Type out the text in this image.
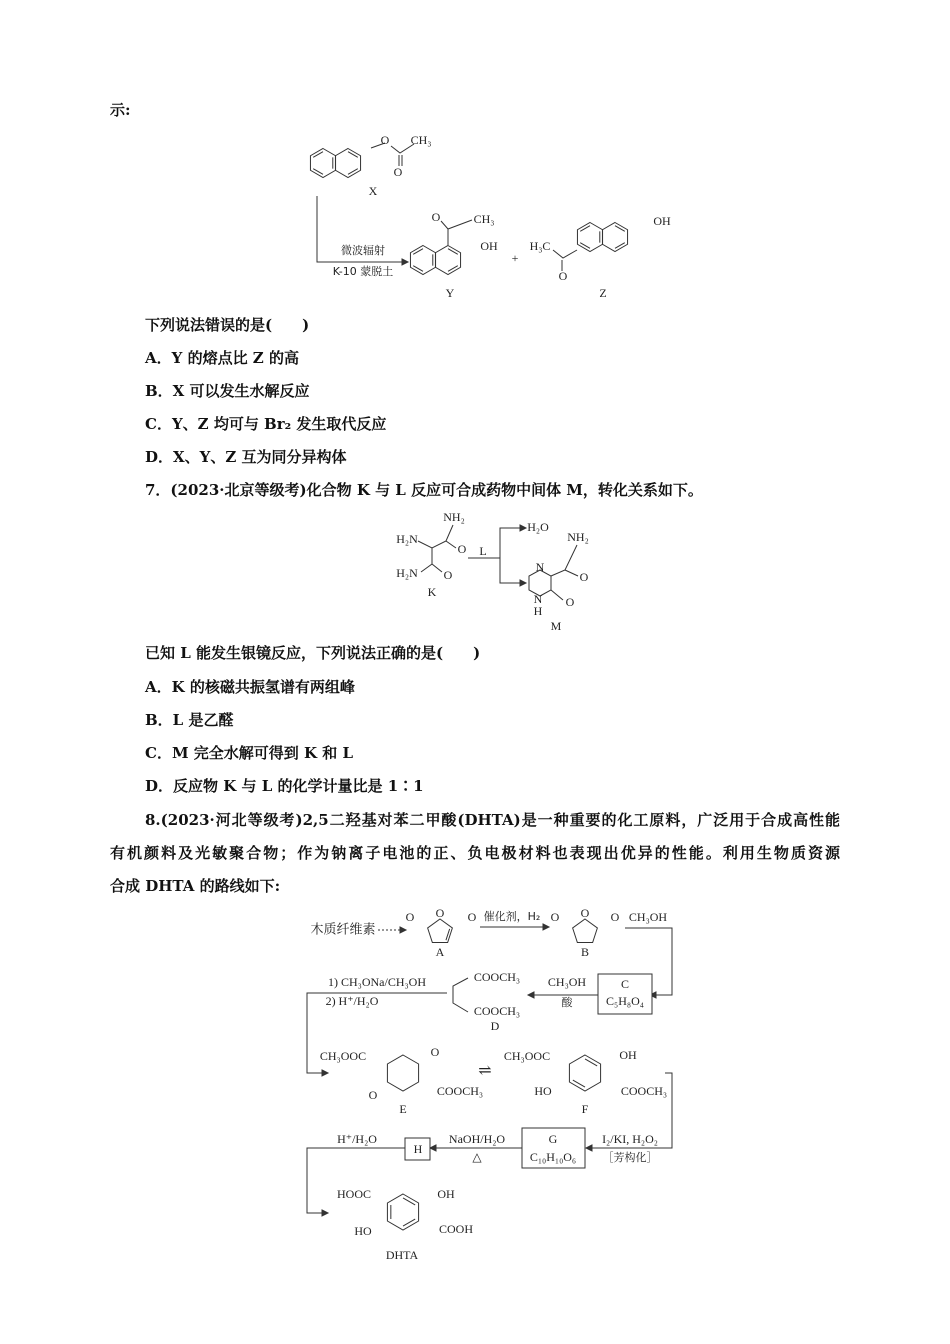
示:
O CH₃
O
X
微波辐射
K-10 蒙脱土
O	CH₃
OH
Y
+
H₃C
O
OH
Z
下列说法错误的是(　　)
A．Y 的熔点比 Z 的高
B．X 可以发生水解反应
C．Y、Z 均可与 Br₂ 发生取代反应
D．X、Y、Z 互为同分异构体
7．(2023·北京等级考)化合物 K 与 L 反应可合成药物中间体 M，转化关系如下。
NH₂
H₂N
O
H₂N O
K
L
H₂O
N
N
H
NH₂
O
O
M
已知 L 能发生银镜反应，下列说法正确的是(　　)
A．K 的核磁共振氢谱有两组峰
B．L 是乙醛
C．M 完全水解可得到 K 和 L
D．反应物 K 与 L 的化学计量比是 1∶1
8.(2023·河北等级考)2,5二羟基对苯二甲酸(DHTA)是一种重要的化工原料，广泛用于合成高性能
有机颜料及光敏聚合物；作为钠离子电池的正、负电极材料也表现出优异的性能。利用生物质资源
合成 DHTA 的路线如下:
木质纤维素
O O O
A
催化剂，H₂ O O O
B
CH₃OH
C
C₅H₈O₄
CH₃OH
酸
COOCH₃
COOCH₃
D
1) CH₃ONa/CH₃OH
2) H⁺/H₂O
CH₃OOC	O
O	COOCH₃
E
⇌
CH₃OOC	OH
HO	COOCH₃
F
I₂/KI, H₂O₂
［芳构化］
G
C₁₀H₁₀O₆
NaOH/H₂O
△
H
H⁺/H₂O
HOOC	OH
HO	COOH
DHTA
